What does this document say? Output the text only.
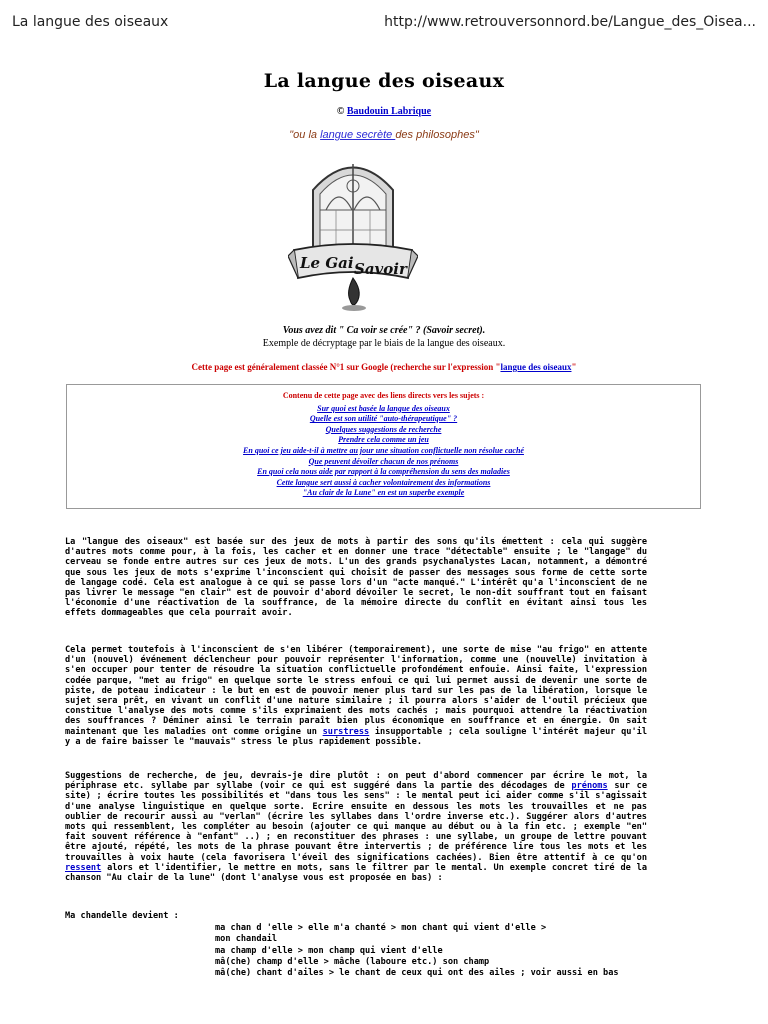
La langue des oiseaux	http://www.retrouversonnord.be/Langue_des_Oisea...
La langue des oiseaux
© Baudouin Labrique
"ou la langue secrète des philosophes"
Le Gai Savoir
Vous avez dit " Ca voir se crée" ? (Savoir secret).
Exemple de décryptage par le biais de la langue des oiseaux.
Cette page est généralement classée N°1 sur Google (recherche sur l'expression "langue des oiseaux"
Contenu de cette page avec des liens directs vers les sujets :
Sur quoi est basée la langue des oiseaux
Quelle est son utilité "auto-thérapeutique" ?
Quelques suggestions de recherche
Prendre cela comme un jeu
En quoi ce jeu aide-t-il à mettre au jour une situation conflictuelle non résolue caché
Que peuvent dévoiler chacun de nos prénoms
En quoi cela nous aide par rapport à la compréhension du sens des maladies
Cette langue sert aussi à cacher volontairement des informations
"Au clair de la Lune" en est un superbe exemple

La "langue des oiseaux" est basée sur des jeux de mots à partir des sons qu'ils émettent : cela qui suggère d'autres mots comme pour, à la fois, les cacher et en donner une trace "détectable" ensuite ; le "langage" du cerveau se fonde entre autres sur ces jeux de mots. L'un des grands psychanalystes Lacan, notamment, a démontré que sous les jeux de mots s'exprime l'inconscient qui choisit de passer des messages sous forme de cette sorte de langage codé. Cela est analogue à ce qui se passe lors d'un "acte manqué." L'intérêt qu'a l'inconscient de ne pas livrer le message "en clair" est de pouvoir d'abord dévoiler le secret, le non-dit souffrant tout en faisant l'économie d'une réactivation de la souffrance, de la mémoire directe du conflit en évitant ainsi tous les effets dommageables que cela pourrait avoir.

Cela permet toutefois à l'inconscient de s'en libérer (temporairement), une sorte de mise "au frigo" en attente d'un (nouvel) événement déclencheur pour pouvoir représenter l'information, comme une (nouvelle) invitation à s'en occuper pour tenter de résoudre la situation conflictuelle profondément enfouie. Ainsi faite, l'expression codée parque, "met au frigo" en quelque sorte le stress enfoui ce qui lui permet aussi de devenir une sorte de piste, de poteau indicateur : le but en est de pouvoir mener plus tard sur les pas de la libération, lorsque le sujet sera prêt, en vivant un conflit d'une nature similaire ; il pourra alors s'aider de l'outil précieux que constitue l'analyse des mots comme s'ils exprimaient des mots cachés ; mais pourquoi attendre la réactivation des souffrances ? Déminer ainsi le terrain paraît bien plus économique en souffrance et en énergie. On sait maintenant que les maladies ont comme origine un surstress insupportable ; cela souligne l'intérêt majeur qu'il y a de faire baisser le "mauvais" stress le plus rapidement possible.

Suggestions de recherche, de jeu, devrais-je dire plutôt : on peut d'abord commencer par écrire le mot, la périphrase etc. syllabe par syllabe (voir ce qui est suggéré dans la partie des décodages de prénoms sur ce site) ; écrire toutes les possibilités et "dans tous les sens" : le mental peut ici aider comme s'il s'agissait d'une analyse linguistique en quelque sorte. Ecrire ensuite en dessous les mots les trouvailles et ne pas oublier de recourir aussi au "verlan" (écrire les syllabes dans l'ordre inverse etc.). Suggérer alors d'autres mots qui ressemblent, les compléter au besoin (ajouter ce qui manque au début ou à la fin etc. ; exemple "en" fait souvent référence à "enfant" ..) ; en reconstituer des phrases : une syllabe, un groupe de lettre pouvant être ajouté, répété, les mots de la phrase pouvant être intervertis ; de préférence lire tous les mots et les trouvailles à voix haute (cela favorisera l'éveil des significations cachées). Bien être attentif à ce qu'on ressent alors et l'identifier, le mettre en mots, sans le filtrer par le mental. Un exemple concret tiré de la chanson "Au clair de la lune" (dont l'analyse vous est proposée en bas) :

Ma chandelle devient :
ma chan d 'elle > elle m'a chanté > mon chant qui vient d'elle >
mon chandail
ma champ d'elle > mon champ qui vient d'elle
mâ(che) champ d'elle > mâche (laboure etc.) son champ
mâ(che) chant d'ailes > le chant de ceux qui ont des ailes ; voir aussi en bas
